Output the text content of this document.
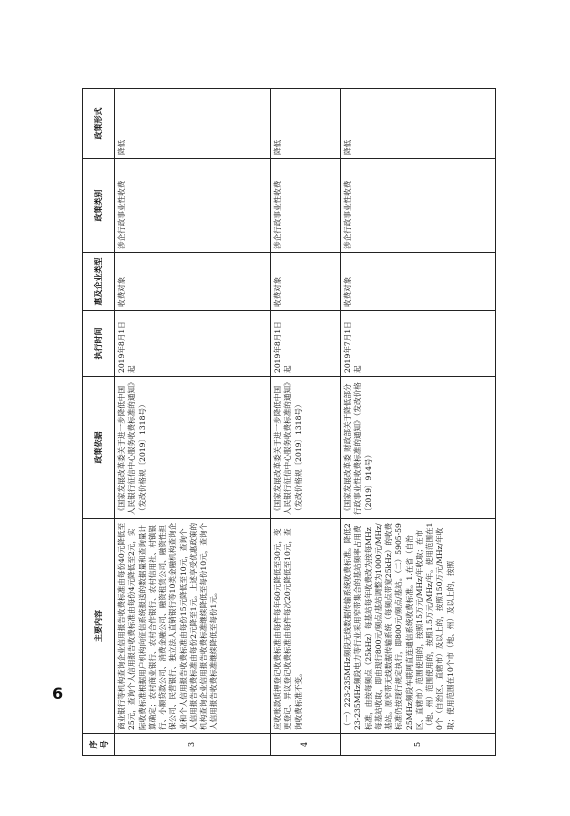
6
序号	主要内容	政策依据	执行时间	惠及企业类型	政策类别	政策形式
3	商业银行等机构查询企业信用报告收费标准由每份40元降低至25元，查询个人信用报告收费标准由每份4元降低至2元，实际收费标准根据用户机构向征信系统报送的数据量和查询量计算确定；农村商业银行、农村合作银行、农村信用社、村镇银行、小额贷款公司、消费金融公司、融资租赁公司、融资性担保公司、民营银行、独立法人直销银行等10类金融机构查询企业和个人信用报告收费标准由每份15元降低至10元，查询个人信用报告收费标准由每份2元降至1元。上述享受优惠政策的机构查询企业信用报告收费标准继续降低至每份10元，查询个人信用报告收费标准继续降低至每份1元。	《国家发展改革委关于进一步降低中国人民银行征信中心服务收费标准的通知》（发改价格规〔2019〕1318号）	2019年8月1日起	收费对象	涉企行政事业性收费	降低
4	应收账款质押登记收费标准由每件每年60元降低至30元，变更登记、异议登记收费标准由每件每次20元降低至10元，查询收费标准不变。	《国家发展改革委关于进一步降低中国人民银行征信中心服务收费标准的通知》（发改价格规〔2019〕1318号）	2019年8月1日起	收费对象	涉企行政事业性收费	降低
5	（一）223-235MHz频段无线数据传输系统收费标准。降低223-235MHz频段电力等行业采用窄带集合的基站频率占用费标准，由按每频点（25kHz）每基站每年收费改为按每MHz每基站收取，即由现行800元/频点/基站调整为1000元/MHz/基站。原窄带无线数据传输系统（每频点带宽25kHz）的收费标准仍按现行规定执行，即800元/频点/基站。（二）5905-5925MHz频段车联网直连通信系统收费标准。1.在省（自治区、直辖市）范围使用的，按照15万元/MHz/年收取；在市（地、州）范围使用的，按照1.5万元/MHz/年。使用范围在10个（自治区、直辖市）及以上的，按照150万元/MHz/年收取；使用范围在10个市（地、州）及以上的，按照	《国家发展改革委 财政部关于降低部分行政事业性收费标准的通知》（发改价格〔2019〕914号）	2019年7月1日起	收费对象	涉企行政事业性收费	降低
